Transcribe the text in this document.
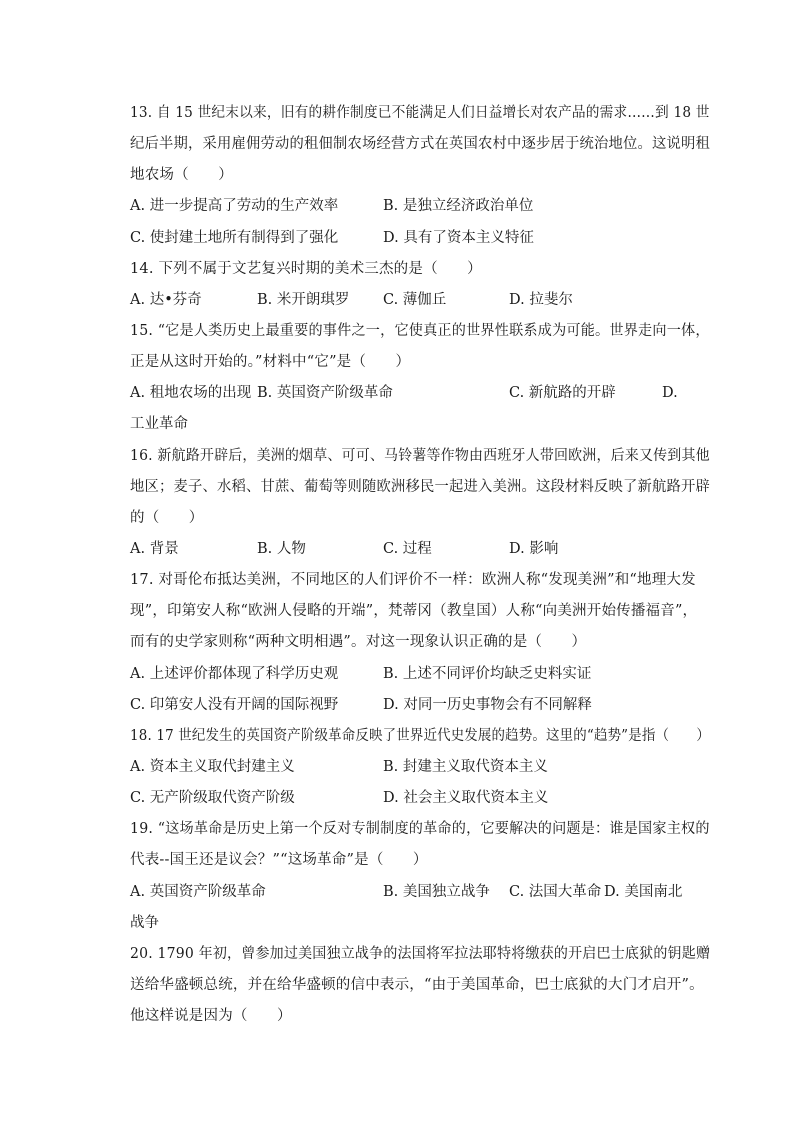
13. 自 15 世纪末以来，旧有的耕作制度已不能满足人们日益增长对农产品的需求……到 18 世
纪后半期，采用雇佣劳动的租佃制农场经营方式在英国农村中逐步居于统治地位。这说明租
地农场（　　）
A. 进一步提高了劳动的生产效率	B. 是独立经济政治单位
C. 使封建土地所有制得到了强化	D. 具有了资本主义特征
14. 下列不属于文艺复兴时期的美术三杰的是（　　）
A. 达•芬奇	B. 米开朗琪罗 C. 薄伽丘	D. 拉斐尔
15. “它是人类历史上最重要的事件之一，它使真正的世界性联系成为可能。世界走向一体，
正是从这时开始的。”材料中“它”是（　　）
A. 租地农场的出现 B. 英国资产阶级革命	C. 新航路的开辟	D.
工业革命
16. 新航路开辟后，美洲的烟草、可可、马铃薯等作物由西班牙人带回欧洲，后来又传到其他
地区；麦子、水稻、甘蔗、葡萄等则随欧洲移民一起进入美洲。这段材料反映了新航路开辟
的（　　）
A. 背景	B. 人物	C. 过程	D. 影响
17. 对哥伦布抵达美洲，不同地区的人们评价不一样：欧洲人称“发现美洲”和“地理大发
现”，印第安人称“欧洲人侵略的开端”，梵蒂冈（教皇国）人称“向美洲开始传播福音”，
而有的史学家则称“两种文明相遇”。对这一现象认识正确的是（　　）
A. 上述评价都体现了科学历史观	B. 上述不同评价均缺乏史料实证
C. 印第安人没有开阔的国际视野	D. 对同一历史事物会有不同解释
18. 17 世纪发生的英国资产阶级革命反映了世界近代史发展的趋势。这里的“趋势”是指（　　）
A. 资本主义取代封建主义	B. 封建主义取代资本主义
C. 无产阶级取代资产阶级	D. 社会主义取代资本主义
19. “这场革命是历史上第一个反对专制制度的革命的，它要解决的问题是：谁是国家主权的
代表--国王还是议会？”“这场革命”是（　　）
A. 英国资产阶级革命	B. 美国独立战争 C. 法国大革命 D. 美国南北
战争
20. 1790 年初，曾参加过美国独立战争的法国将军拉法耶特将缴获的开启巴士底狱的钥匙赠
送给华盛顿总统，并在给华盛顿的信中表示，“由于美国革命，巴士底狱的大门才启开”。
他这样说是因为（　　）
